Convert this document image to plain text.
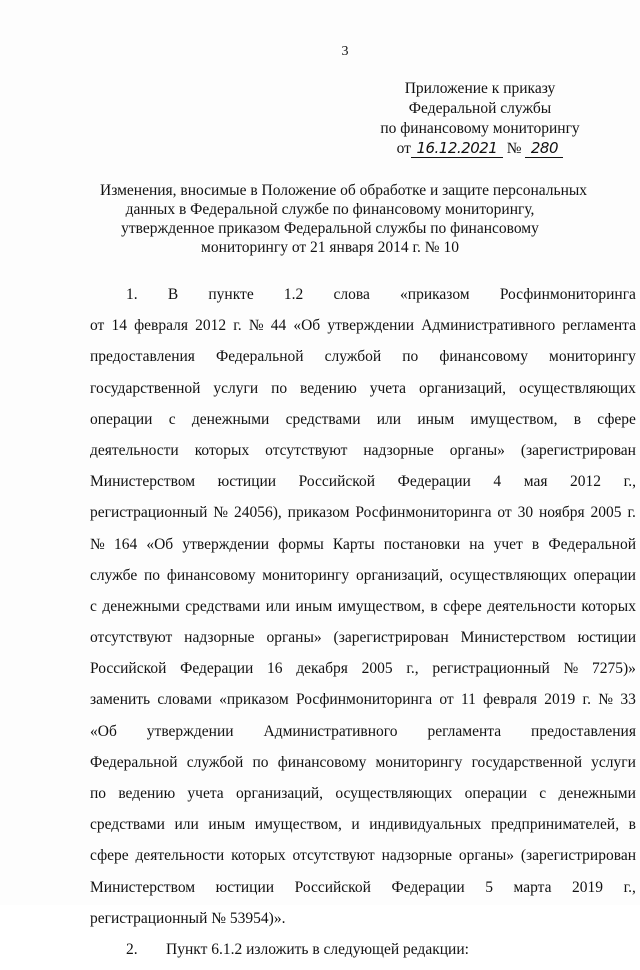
3
Приложение к приказу
Федеральной службы
по финансовому мониторингу
от 16.12.2021 № 280
Изменения, вносимые в Положение об обработке и защите персональных
данных в Федеральной службе по финансовому мониторингу,
утвержденное приказом Федеральной службы по финансовому
мониторингу от 21 января 2014 г. № 10
1. В пункте 1.2 слова «приказом Росфинмониторинга
от 14 февраля 2012 г. № 44 «Об утверждении Административного регламента
предоставления Федеральной службой по финансовому мониторингу
государственной услуги по ведению учета организаций, осуществляющих
операции с денежными средствами или иным имуществом, в сфере
деятельности которых отсутствуют надзорные органы» (зарегистрирован
Министерством юстиции Российской Федерации 4 мая 2012 г.,
регистрационный № 24056), приказом Росфинмониторинга от 30 ноября 2005 г.
№ 164 «Об утверждении формы Карты постановки на учет в Федеральной
службе по финансовому мониторингу организаций, осуществляющих операции
с денежными средствами или иным имуществом, в сфере деятельности которых
отсутствуют надзорные органы» (зарегистрирован Министерством юстиции
Российской Федерации 16 декабря 2005 г., регистрационный № 7275)»
заменить словами «приказом Росфинмониторинга от 11 февраля 2019 г. № 33
«Об утверждении Административного регламента предоставления
Федеральной службой по финансовому мониторингу государственной услуги
по ведению учета организаций, осуществляющих операции с денежными
средствами или иным имуществом, и индивидуальных предпринимателей, в
сфере деятельности которых отсутствуют надзорные органы» (зарегистрирован
Министерством юстиции Российской Федерации 5 марта 2019 г.,
регистрационный № 53954)».
2.	Пункт 6.1.2 изложить в следующей редакции:
